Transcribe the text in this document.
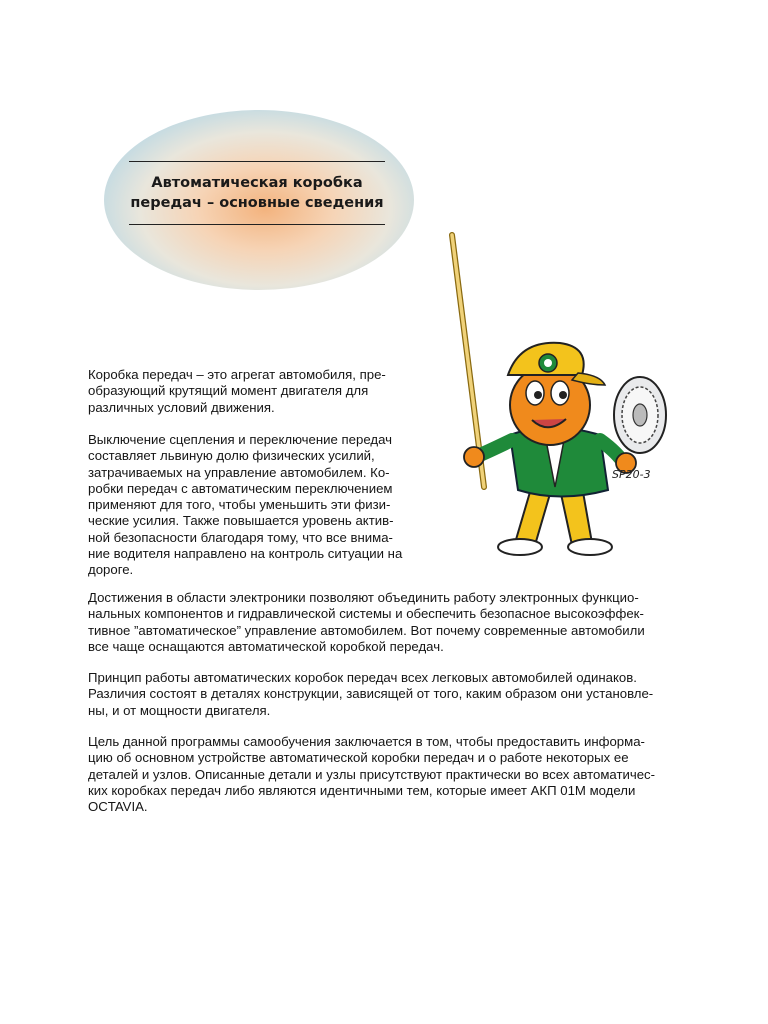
Автоматическая коробка
передач – основные сведения
SP20-3

Коробка передач – это агрегат автомобиля, пре-
образующий крутящий момент двигателя для
различных условий движения.

Выключение сцепления и переключение передач
составляет львиную долю физических усилий,
затрачиваемых на управление автомобилем. Ко-
робки передач с автоматическим переключением
применяют для того, чтобы уменьшить эти физи-
ческие усилия. Также повышается уровень актив-
ной безопасности благодаря тому, что все внима-
ние водителя направлено на контроль ситуации на
дороге.

Достижения в области электроники позволяют объединить работу электронных функцио-
нальных компонентов и гидравлической системы и обеспечить безопасное высокоэффек-
тивное ”автоматическое” управление автомобилем. Вот почему современные автомобили
все чаще оснащаются автоматической коробкой передач.

Принцип работы автоматических коробок передач всех легковых автомобилей одинаков.
Различия состоят в деталях конструкции, зависящей от того, каким образом они установле-
ны, и от мощности двигателя.

Цель данной программы самообучения заключается в том, чтобы предоставить информа-
цию об основном устройстве автоматической коробки передач и о работе некоторых ее
деталей и узлов. Описанные детали и узлы присутствуют практически во всех автоматичес-
ких коробках передач либо являются идентичными тем, которые имеет АКП 01М модели
OCTAVIA.
